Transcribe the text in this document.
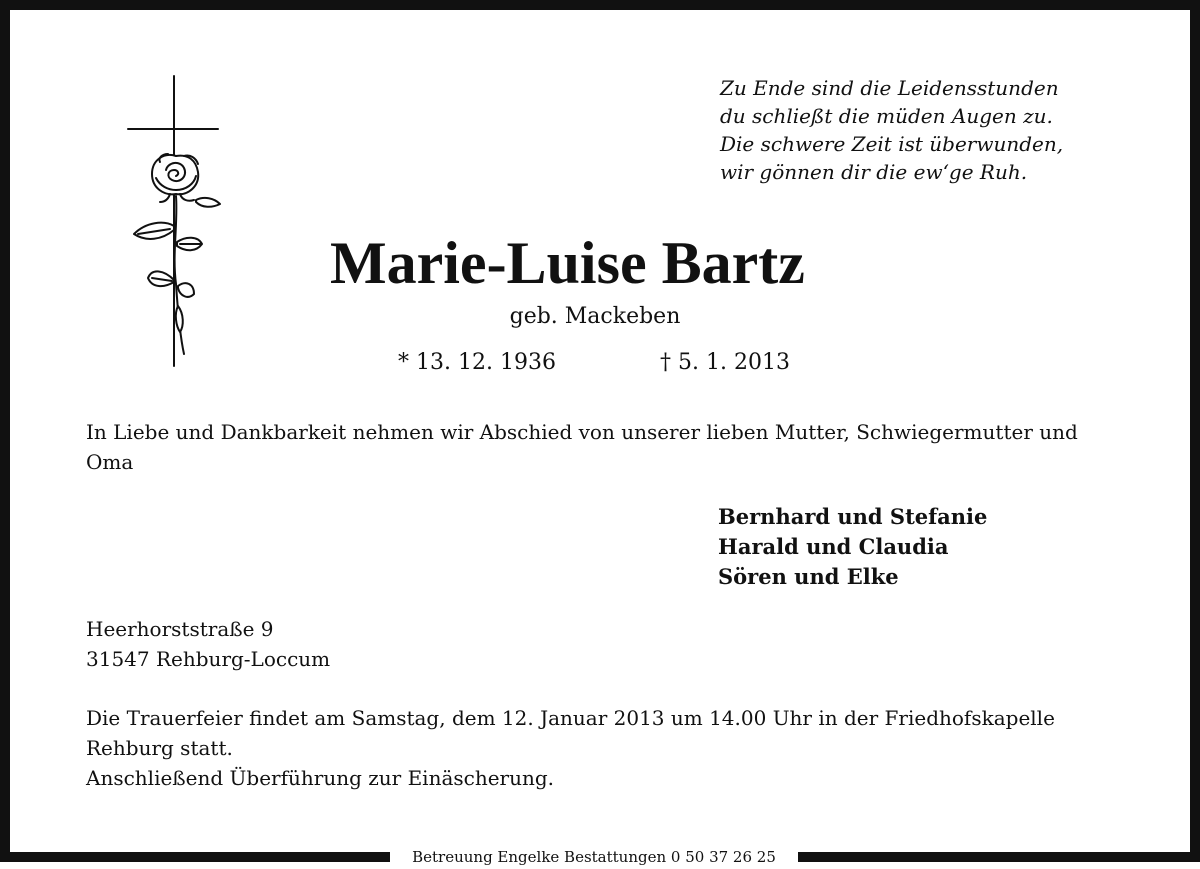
Zu Ende sind die Leidensstunden
du schließt die müden Augen zu.
Die schwere Zeit ist überwunden,
wir gönnen dir die ew‘ge Ruh.
Marie-Luise Bartz
geb. Mackeben
* 13. 12. 1936	† 5. 1. 2013
In Liebe und Dankbarkeit nehmen wir Abschied von unserer lieben Mutter, Schwiegermutter und Oma
Bernhard und Stefanie
Harald und Claudia
Sören und Elke
Heerhorststraße 9
31547 Rehburg-Loccum
Die Trauerfeier findet am Samstag, dem 12. Januar 2013 um 14.00 Uhr in der Friedhofskapelle Rehburg statt.
Anschließend Überführung zur Einäscherung.
Betreuung Engelke Bestattungen 0 50 37 26 25
